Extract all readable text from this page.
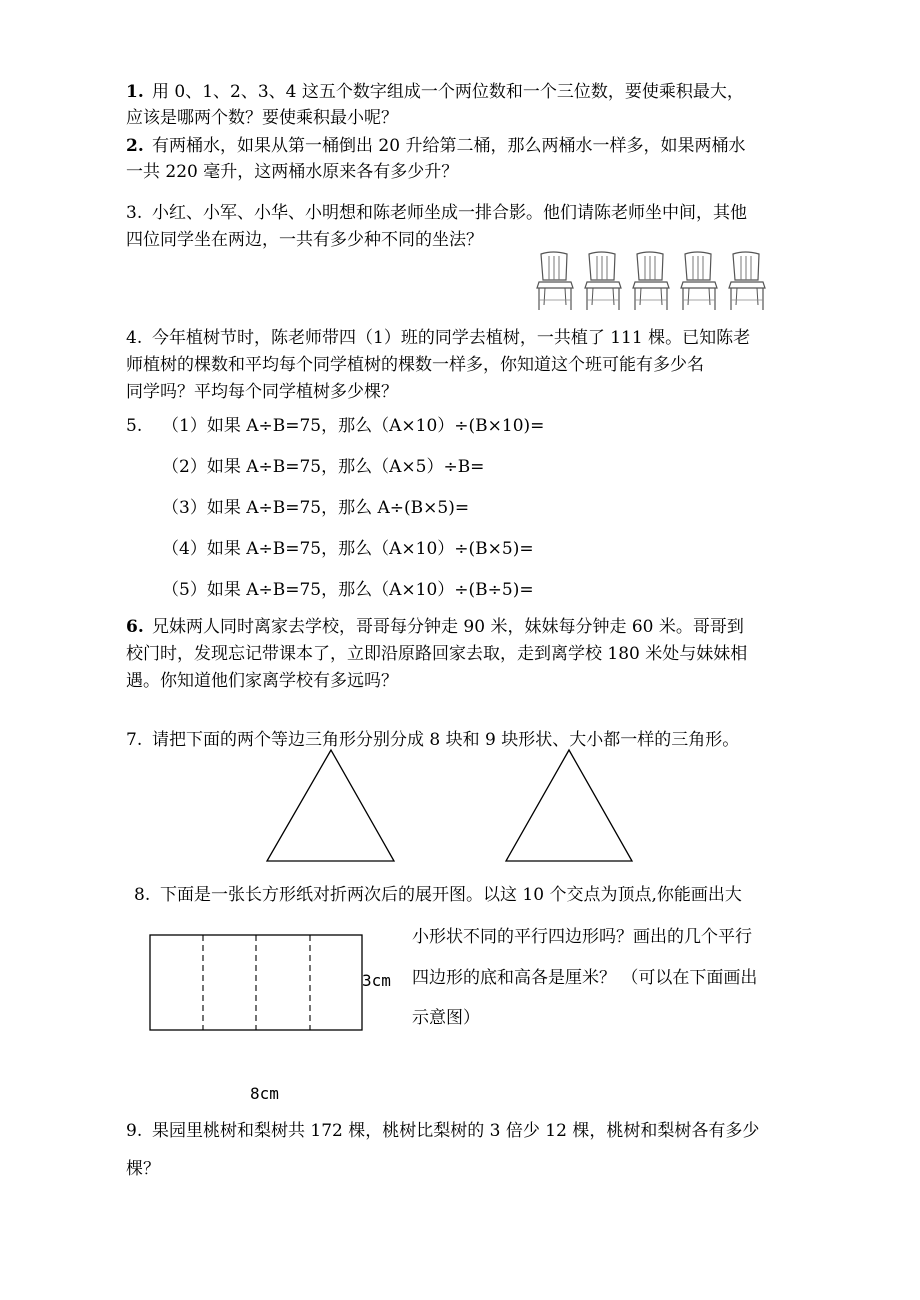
1. 用 0、1、2、3、4 这五个数字组成一个两位数和一个三位数，要使乘积最大，
应该是哪两个数？要使乘积最小呢？
2. 有两桶水，如果从第一桶倒出 20 升给第二桶，那么两桶水一样多，如果两桶水
一共 220 毫升，这两桶水原来各有多少升？
3. 小红、小军、小华、小明想和陈老师坐成一排合影。他们请陈老师坐中间，其他
四位同学坐在两边，一共有多少种不同的坐法？
4. 今年植树节时，陈老师带四（1）班的同学去植树，一共植了 111 棵。已知陈老
师植树的棵数和平均每个同学植树的棵数一样多，你知道这个班可能有多少名
同学吗？平均每个同学植树多少棵？
5. （1）如果 A÷B=75，那么（A×10）÷(B×10)=
（2）如果 A÷B=75，那么（A×5）÷B=
（3）如果 A÷B=75，那么 A÷(B×5)=
（4）如果 A÷B=75，那么（A×10）÷(B×5)=
（5）如果 A÷B=75，那么（A×10）÷(B÷5)=
6. 兄妹两人同时离家去学校，哥哥每分钟走 90 米，妹妹每分钟走 60 米。哥哥到
校门时，发现忘记带课本了，立即沿原路回家去取，走到离学校 180 米处与妹妹相
遇。你知道他们家离学校有多远吗？
7. 请把下面的两个等边三角形分别分成 8 块和 9 块形状、大小都一样的三角形。
8. 下面是一张长方形纸对折两次后的展开图。以这 10 个交点为顶点,你能画出大
小形状不同的平行四边形吗？画出的几个平行
四边形的底和高各是厘米？ （可以在下面画出
示意图）
3cm
8cm
9. 果园里桃树和梨树共 172 棵，桃树比梨树的 3 倍少 12 棵，桃树和梨树各有多少
棵？
